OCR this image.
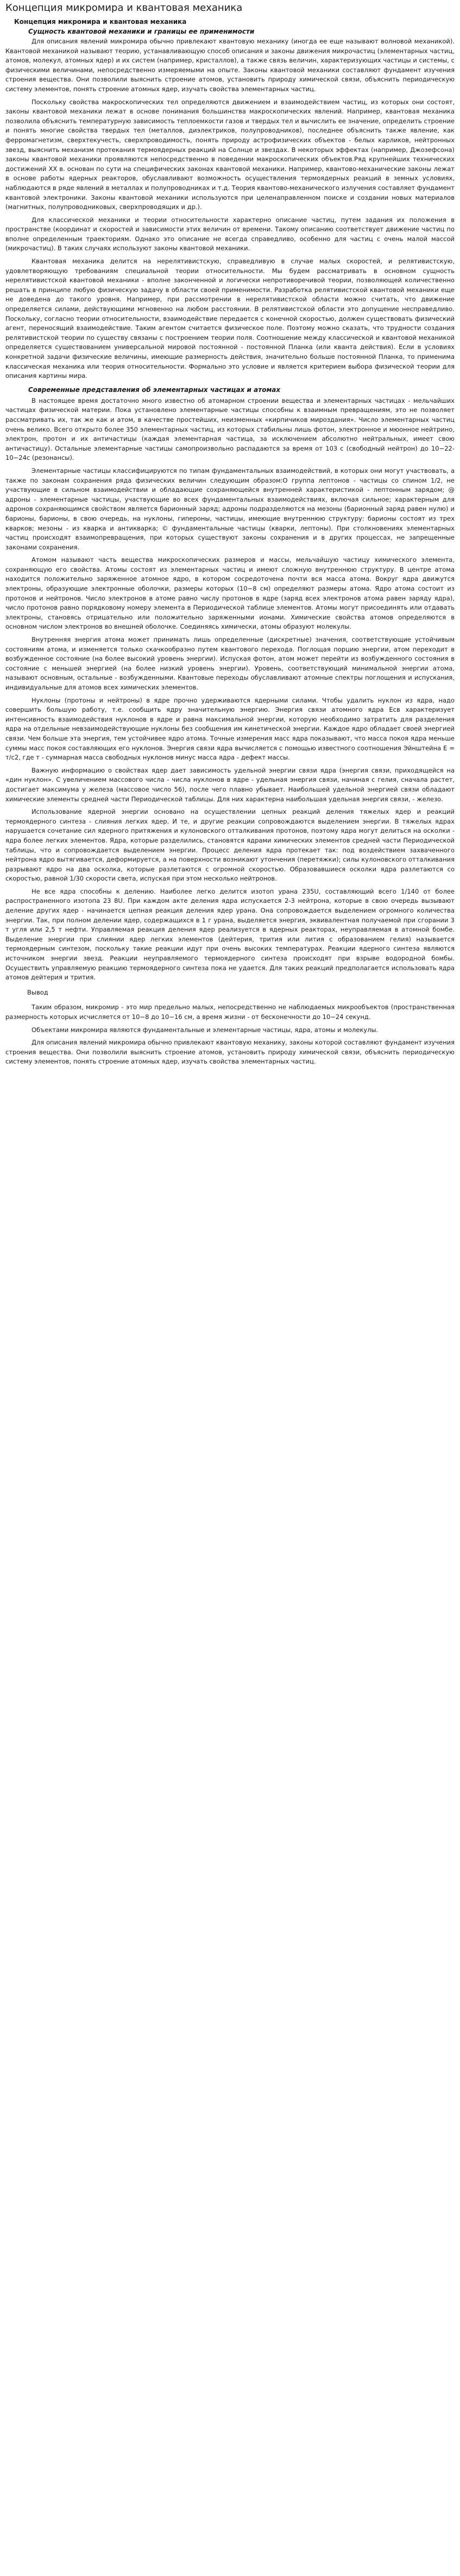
Концепция микромира и квантовая механика
Концепция микромира и квантовая механика
Сущность квантовой механики и границы ее применимости

Для описания явлений микромира обычно привлекают квантовую механику (иногда ее еще называют волновой механикой). Квантовой механикой называют теорию, устанавливающую способ описания и законы движения микрочастиц (элементарных частиц, атомов, молекул, атомных ядер) и их систем (например, кристаллов), а также связь величин, характеризующих частицы и системы, с физическими величинами, непосредственно измеряемыми на опыте. Законы квантовой механики составляют фундамент изучения строения вещества. Они позволили выяснить строение атомов, установить природу химической связи, объяснить периодическую систему элементов, понять строение атомных ядер, изучать свойства элементарных частиц.

Поскольку свойства макроскопических тел определяются движением и взаимодействием частиц, из которых они состоят, законы квантовой механики лежат в основе понимания большинства макроскопических явлений. Например, квантовая механика позволила объяснить температурную зависимость теплоемкости газов и твердых тел и вычислить ее значение, определить строение и понять многие свойства твердых тел (металлов, диэлектриков, полупроводников), последнее объяснить также явление, как ферромагнетизм, сверхтекучесть, сверхпроводимость, понять природу астрофизических объектов - белых карликов, нейтронных звезд, выяснить механизм протекания термоядерных реакций на Солнце и звездах. В некоторых эффектах (например, Джозефсона) законы квантовой механики проявляются непосредственно в поведении макроскопических объектов.Ряд крупнейших технических достижений XX в. основан по сути на специфических законах квантовой механики. Например, квантово-механические законы лежат в основе работы ядерных реакторов, обуславливают возможность осуществления термоядерных реакций в земных условиях, наблюдаются в ряде явлений в металлах и полупроводниках и т.д. Теория квантово-механического излучения составляет фундамент квантовой электроники. Законы квантовой механики используются при целенаправленном поиске и создании новых материалов (магнитных, полупроводниковых, сверхпроводящих и др.).

Для классической механики и теории относительности характерно описание частиц, путем задания их положения в пространстве (координат и скоростей и зависимости этих величин от времени. Такому описанию соответствует движение частиц по вполне определенным траекториям. Однако это описание не всегда справедливо, особенно для частиц с очень малой массой (микрочастиц). В таких случаях используют законы квантовой механики.

Квантовая механика делится на нерелятивистскую, справедливую в случае малых скоростей, и релятивистскую, удовлетворяющую требованиям специальной теории относительности. Мы будем рассматривать в основном сущность нерелятивистской квантовой механики - вполне законченной и логически непротиворечивой теории, позволяющей количественно решать в принципе любую физическую задачу в области своей применимости. Разработка релятивистской квантовой механики еще не доведена до такого уровня. Например, при рассмотрении в нерелятивистской области можно считать, что движение определяется силами, действующими мгновенно на любом расстоянии. В релятивистской области это допущение несправедливо. Поскольку, согласно теории относительности, взаимодействие передается с конечной скоростью, должен существовать физический агент, переносящий взаимодействие. Таким агентом считается физическое поле. Поэтому можно сказать, что трудности создания релятивистской теории по существу связаны с построением теории поля. Соотношение между классической и квантовой механикой определяется существованием универсальной мировой постоянной - постоянной Планка (или кванта действия). Если в условиях конкретной задачи физические величины, имеющие размерность действия, значительно больше постоянной Планка, то применима классическая механика или теория относительности. Формально это условие и является критерием выбора физической теории для описания картины мира.

Современные представления об элементарных частицах и атомах

В настоящее время достаточно много известно об атомарном строении вещества и элементарных частицах - мельчайших частицах физической материи. Пока установлено элементарные частицы способны к взаимным превращениям, это не позволяет рассматривать их, так же как и атом, в качестве простейших, неизменных «кирпичиков мироздания». Число элементарных частиц очень велико. Всего открыто более 350 элементарных частиц, из которых стабильны лишь фотон, электронное и мюонное нейтрино, электрон, протон и их античастицы (каждая элементарная частица, за исключением абсолютно нейтральных, имеет свою античастицу). Остальные элементарные частицы самопроизвольно распадаются за время от 103 с (свободный нейтрон) до 10−22- 10−24с (резонансы).

Элементарные частицы классифицируются по типам фундаментальных взаимодействий, в которых они могут участвовать, а также по законам сохранения ряда физических величин следующим образом:О группа лептонов - частицы со спином 1/2, не участвующие в сильном взаимодействии и обладающие сохраняющейся внутренней характеристикой - лептонным зарядом; @ адроны - элементарные частицы, участвующие во всех фундаментальных взаимодействиях, включая сильное; характерным для адронов сохраняющимся свойством является барионный заряд; адроны подразделяются на мезоны (барионный заряд равен нулю) и барионы, барионы, в свою очередь, на нуклоны, гипероны, частицы, имеющие внутреннюю структуру: барионы состоят из трех кварков; мезоны - из кварка и антикварка; © фундаментальные частицы (кварки, лептоны). При столкновениях элементарных частиц происходят взаимопревращения, при которых существуют законы сохранения и в других процессах, не запрещенные законами сохранения.

Атомом называют часть вещества микроскопических размеров и массы, мельчайшую частицу химического элемента, сохраняющую его свойства. Атомы состоят из элементарных частиц и имеют сложную внутреннюю структуру. В центре атома находится положительно заряженное атомное ядро, в котором сосредоточена почти вся масса атома. Вокруг ядра движутся электроны, образующие электронные оболочки, размеры которых (10−8 см) определяют размеры атома. Ядро атома состоит из протонов и нейтронов. Число электронов в атоме равно числу протонов в ядре (заряд всех электронов атома равен заряду ядра), число протонов равно порядковому номеру элемента в Периодической таблице элементов. Атомы могут присоединять или отдавать электроны, становясь отрицательно или положительно заряженными ионами. Химические свойства атомов определяются в основном числом электронов во внешней оболочке. Соединяясь химически, атомы образуют молекулы.

Внутренняя энергия атома может принимать лишь определенные (дискретные) значения, соответствующие устойчивым состояниям атома, и изменяется только скачкообразно путем квантового перехода. Поглощая порцию энергии, атом переходит в возбужденное состояние (на более высокий уровень энергии). Испуская фотон, атом может перейти из возбужденного состояния в состояние с меньшей энергией (на более низкий уровень энергии). Уровень, соответствующий минимальной энергии атома, называют основным, остальные - возбужденными. Квантовые переходы обуславливают атомные спектры поглощения и испускания, индивидуальные для атомов всех химических элементов.

Нуклоны (протоны и нейтроны) в ядре прочно удерживаются ядерными силами. Чтобы удалить нуклон из ядра, надо совершить большую работу, т.е. сообщить ядру значительную энергию. Энергия связи атомного ядра Есв характеризует интенсивность взаимодействия нуклонов в ядре и равна максимальной энергии, которую необходимо затратить для разделения ядра на отдельные невзаимодействующие нуклоны без сообщения им кинетической энергии. Каждое ядро обладает своей энергией связи. Чем больше эта энергия, тем устойчивее ядро атома. Точные измерения масс ядра показывают, что масса покоя ядра меньше суммы масс покоя составляющих его нуклонов. Энергия связи ядра вычисляется с помощью известного соотношения Эйнштейна Е = т/с2, где т - суммарная масса свободных нуклонов минус масса ядра - дефект массы.

Важную информацию о свойствах ядер дает зависимость удельной энергии связи ядра (энергия связи, приходящейся на «дин нуклон». С увеличением массового числа - числа нуклонов в ядре - удельная энергия связи, начиная с гелия, сначала растет, достигает максимума у железа (массовое число 56), после чего плавно убывает. Наибольшей удельной энергией связи обладают химические элементы средней части Периодической таблицы. Для них характерна наибольшая удельная энергия связи, - железо.

Использование ядерной энергии основано на осуществлении цепных реакций деления тяжелых ядер и реакций термоядерного синтеза - слияния легких ядер. И те, и другие реакции сопровождаются выделением энергии. В тяжелых ядрах нарушается сочетание сил ядерного притяжения и кулоновского отталкивания протонов, поэтому ядра могут делиться на осколки - ядра более легких элементов. Ядра, которые разделились, становятся ядрами химических элементов средней части Периодической таблицы, что и сопровождается выделением энергии. Процесс деления ядра протекает так: под воздействием захваченного нейтрона ядро вытягивается, деформируется, а на поверхности возникают утончения (перетяжки); силы кулоновского отталкивания разрывают ядро на два осколка, которые разлетаются с огромной скоростью. Образовавшиеся осколки ядра разлетаются со скоростью, равной 1/30 скорости света, испуская при этом несколько нейтронов.

Не все ядра способны к делению. Наиболее легко делится изотоп урана 235U, составляющий всего 1/140 от более распространенного изотопа 23 8U. При каждом акте деления ядра испускается 2-3 нейтрона, которые в свою очередь вызывают деление других ядер - начинается цепная реакция деления ядер урана. Она сопровождается выделением огромного количества энергии. Так, при полном делении ядер, содержащихся в 1 г урана, выделяется энергия, эквивалентная получаемой при сгорании 3 т угля или 2,5 т нефти. Управляемая реакция деления ядер реализуется в ядерных реакторах, неуправляемая в атомной бомбе. Выделение энергии при слиянии ядер легких элементов (дейтерия, трития или лития с образованием гелия) называется термоядерным синтезом, поскольку такие реакции идут при очень высоких температурах. Реакции ядерного синтеза являются источником энергии звезд. Реакции неуправляемого термоядерного синтеза происходят при взрыве водородной бомбы. Осуществить управляемую реакцию термоядерного синтеза пока не удается. Для таких реакций предполагается использовать ядра атомов дейтерия и трития.

Вывод

Таким образом, микромир - это мир предельно малых, непосредственно не наблюдаемых микрообъектов (пространственная размерность которых исчисляется от 10−8 до 10−16 см, а время жизни - от бесконечности до 10−24 секунд.

Объектами микромира являются фундаментальные и элементарные частицы, ядра, атомы и молекулы.

Для описания явлений микромира обычно привлекают квантовую механику, законы которой составляют фундамент изучения строения вещества. Они позволили выяснить строение атомов, установить природу химической связи, объяснить периодическую систему элементов, понять строение атомных ядер, изучать свойства элементарных частиц.
